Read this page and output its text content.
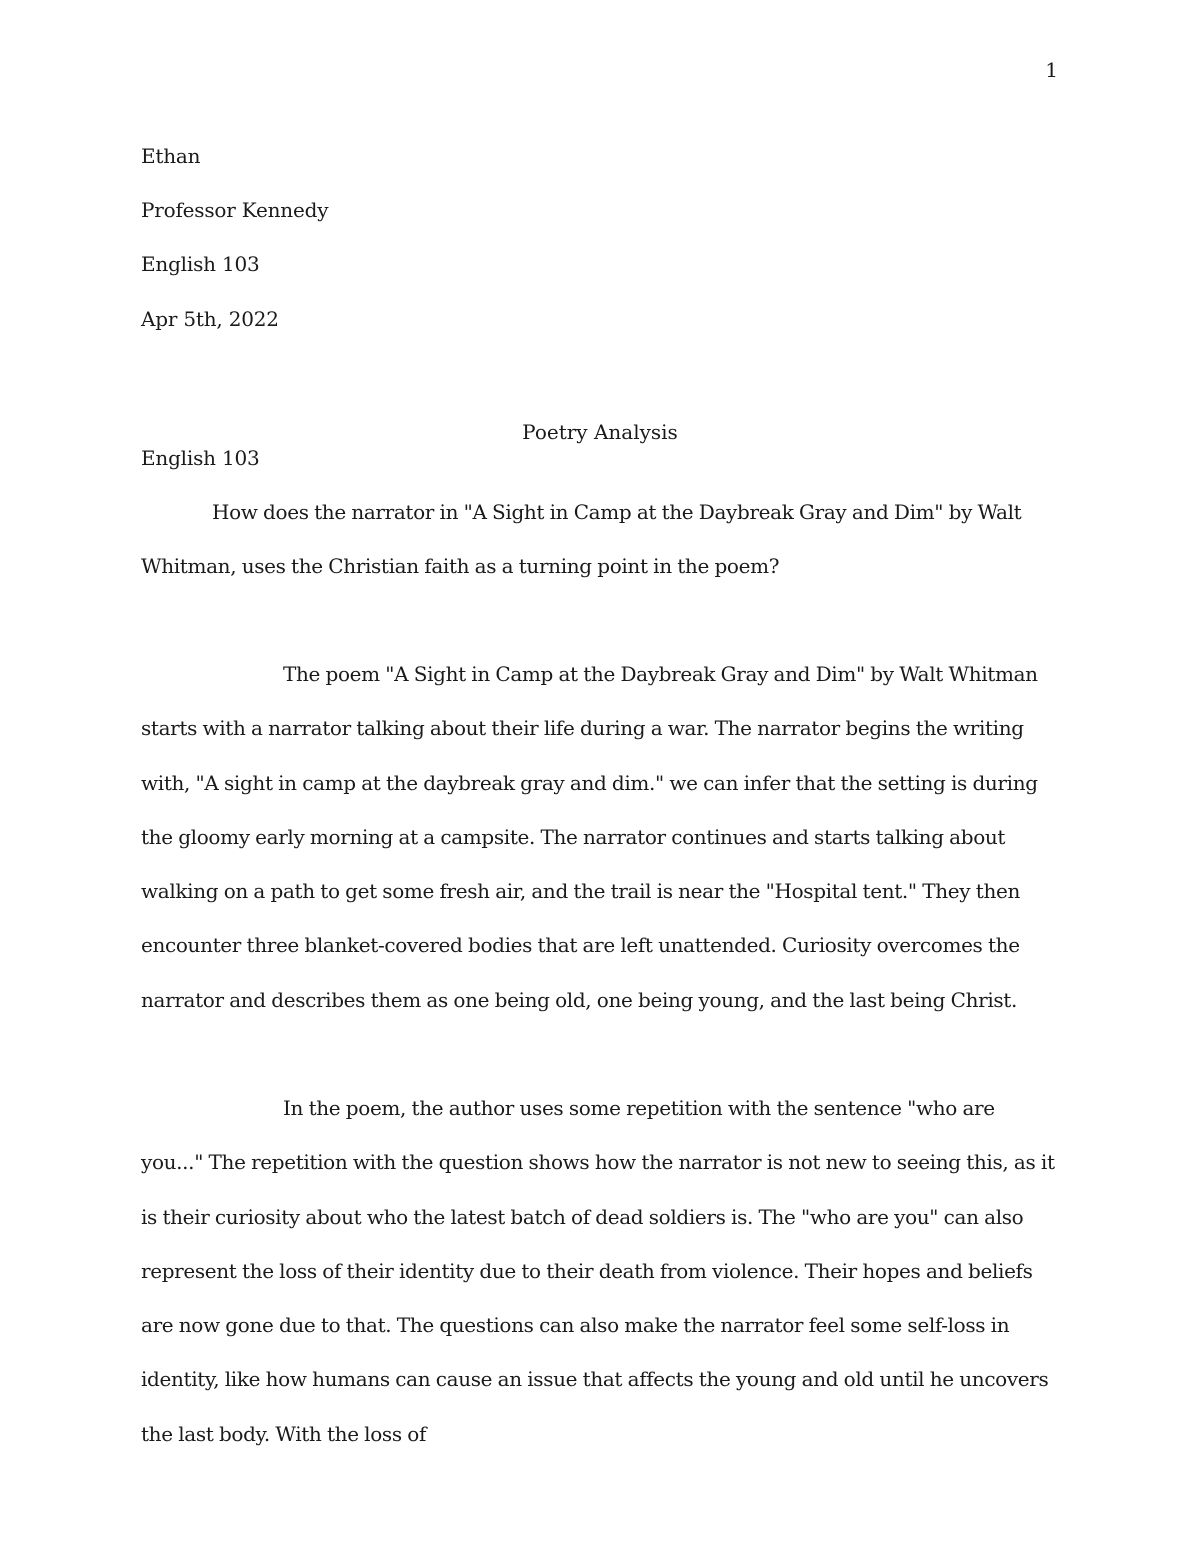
1
Ethan
Professor Kennedy
English 103
Apr 5th, 2022
Poetry Analysis
English 103
How does the narrator in "A Sight in Camp at the Daybreak Gray and Dim" by Walt Whitman, uses the Christian faith as a turning point in the poem?
The poem "A Sight in Camp at the Daybreak Gray and Dim" by Walt Whitman starts with a narrator talking about their life during a war. The narrator begins the writing with, "A sight in camp at the daybreak gray and dim." we can infer that the setting is during the gloomy early morning at a campsite. The narrator continues and starts talking about walking on a path to get some fresh air, and the trail is near the "Hospital tent." They then encounter three blanket-covered bodies that are left unattended. Curiosity overcomes the narrator and describes them as one being old, one being young, and the last being Christ.
In the poem, the author uses some repetition with the sentence "who are you..." The repetition with the question shows how the narrator is not new to seeing this, as it is their curiosity about who the latest batch of dead soldiers is. The "who are you" can also represent the loss of their identity due to their death from violence. Their hopes and beliefs are now gone due to that. The questions can also make the narrator feel some self-loss in identity, like how humans can cause an issue that affects the young and old until he uncovers the last body. With the loss of
